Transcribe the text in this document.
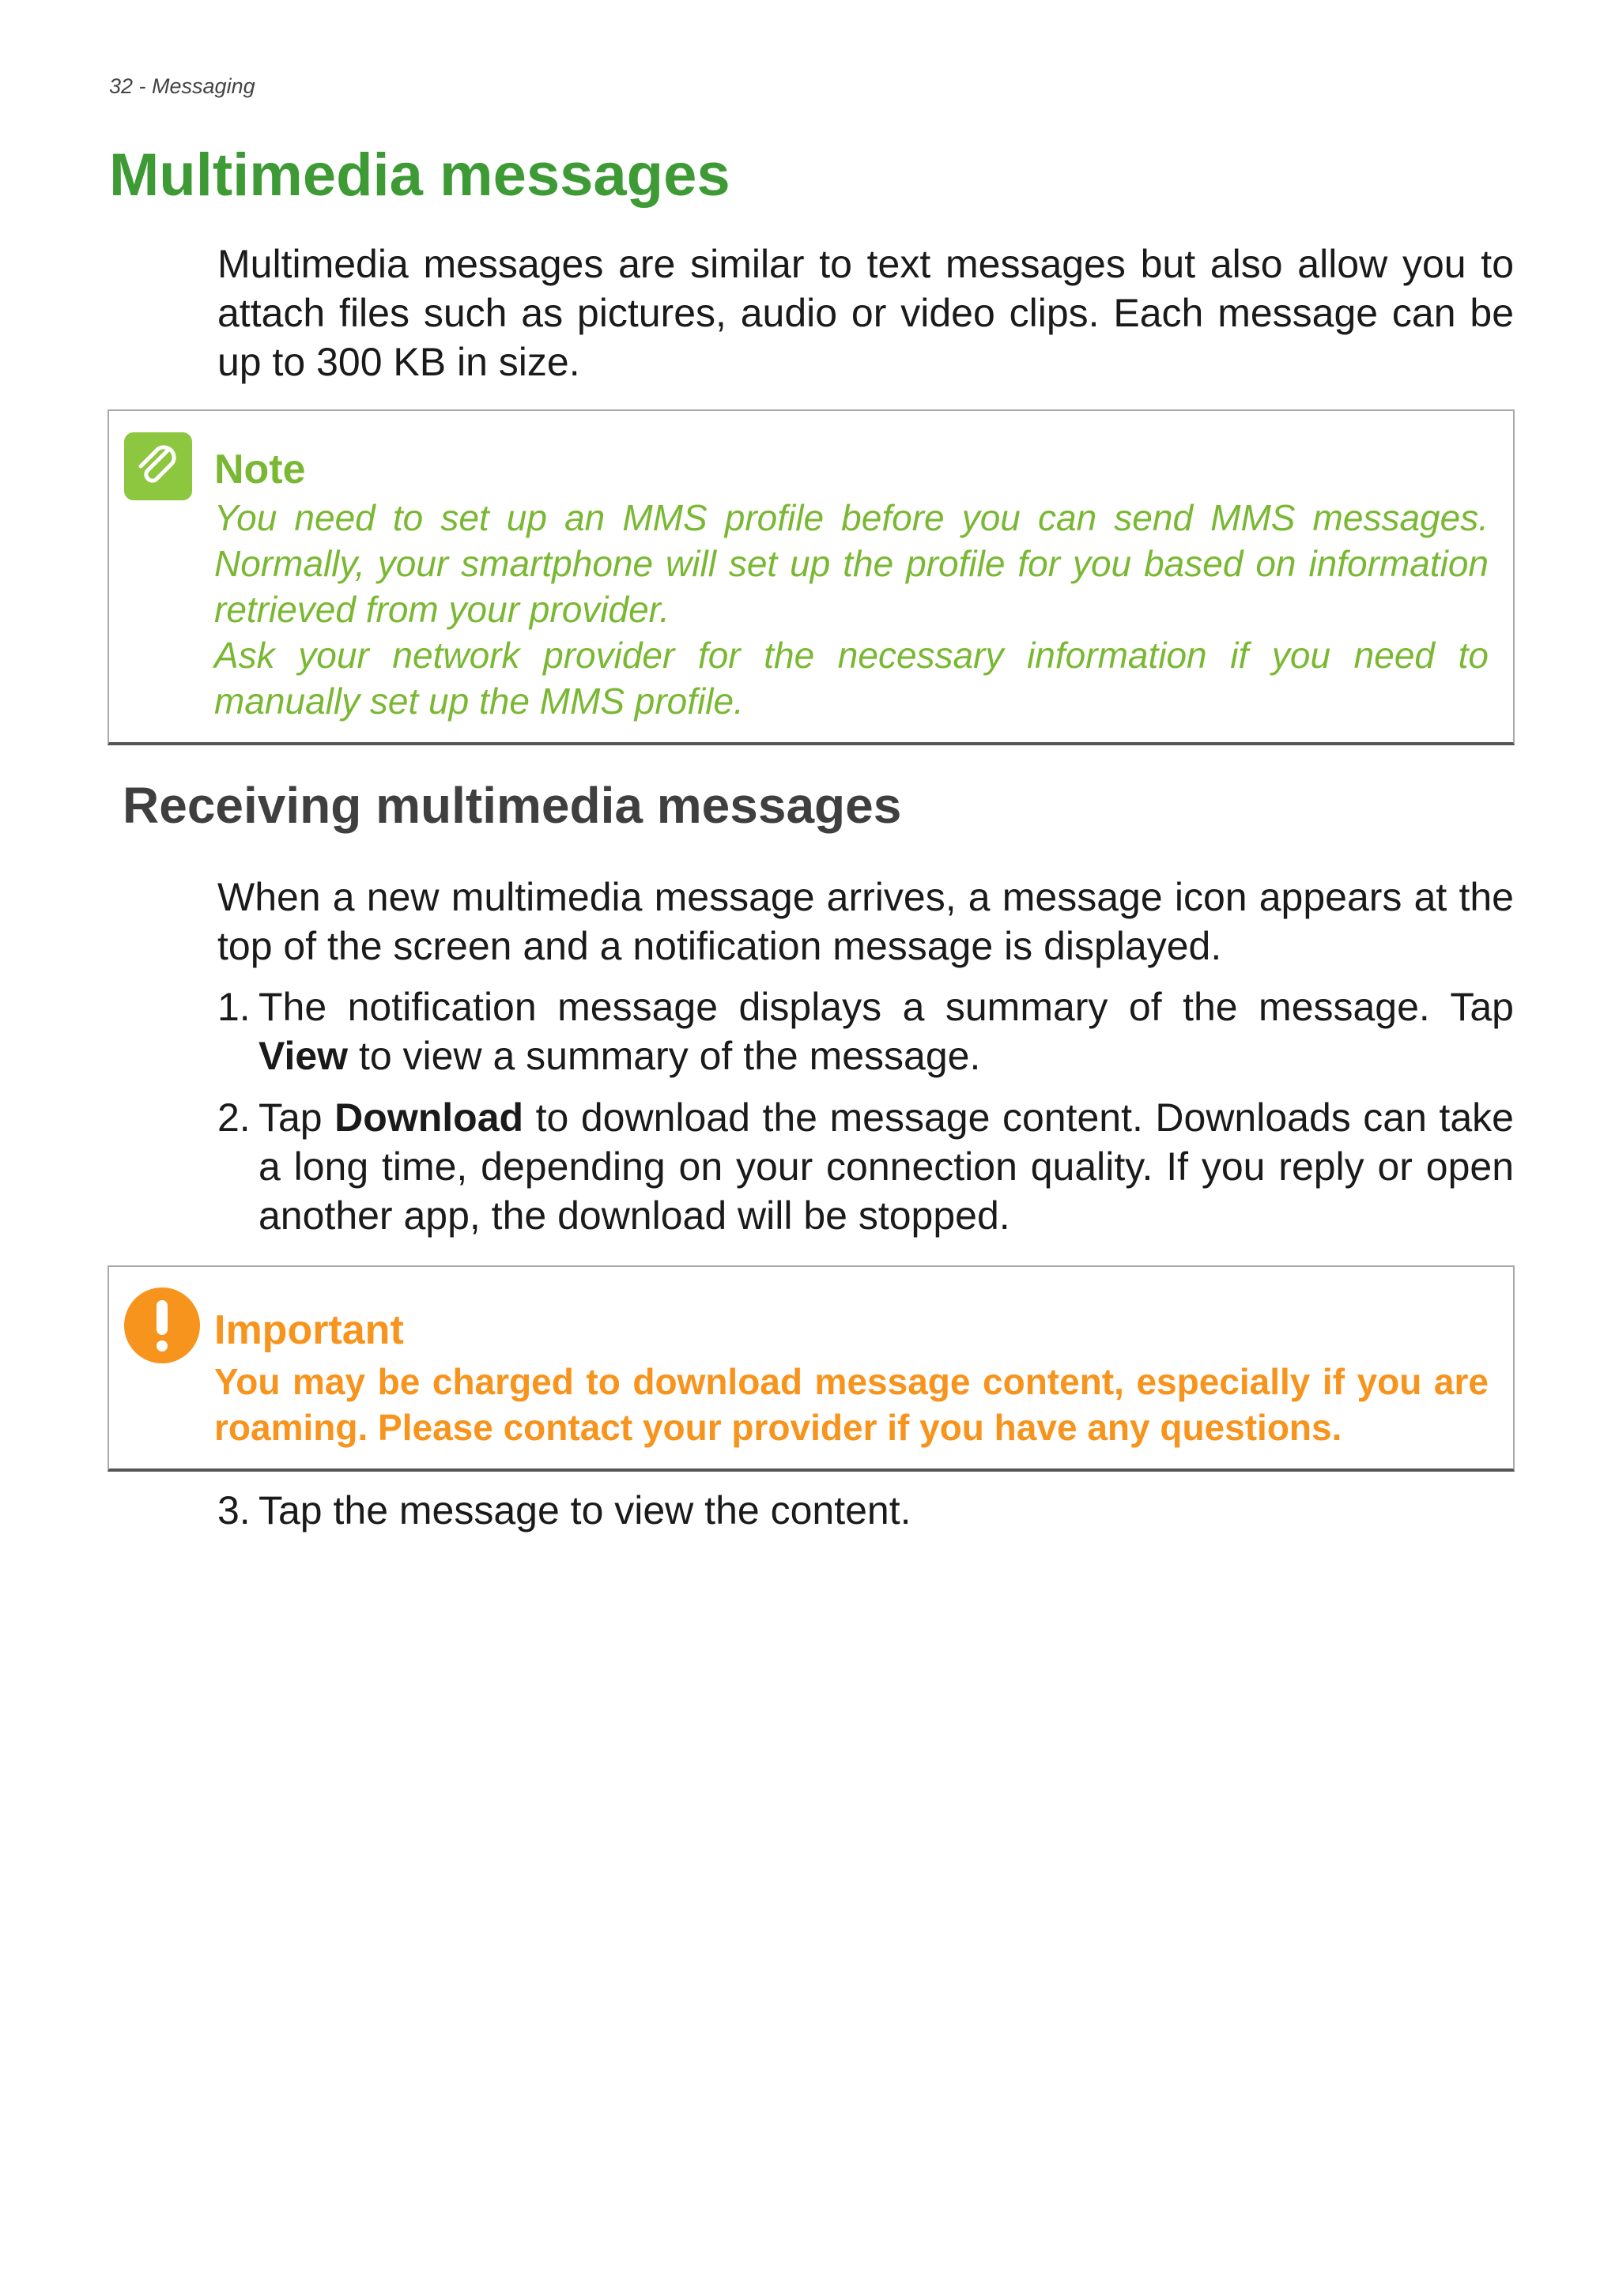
32 - Messaging
Multimedia messages

Multimedia messages are similar to text messages but also allow you to attach files such as pictures, audio or video clips. Each message can be up to 300 KB in size.

Note

You need to set up an MMS profile before you can send MMS messages. Normally, your smartphone will set up the profile for you based on information retrieved from your provider.

Ask your network provider for the necessary information if you need to manually set up the MMS profile.

Receiving multimedia messages

When a new multimedia message arrives, a message icon appears at the top of the screen and a notification message is displayed.

1. The notification message displays a summary of the message. Tap View to view a summary of the message.
2. Tap Download to download the message content. Downloads can take a long time, depending on your connection quality. If you reply or open another app, the download will be stopped.
Important

You may be charged to download message content, especially if you are roaming. Please contact your provider if you have any questions.

3. Tap the message to view the content.
